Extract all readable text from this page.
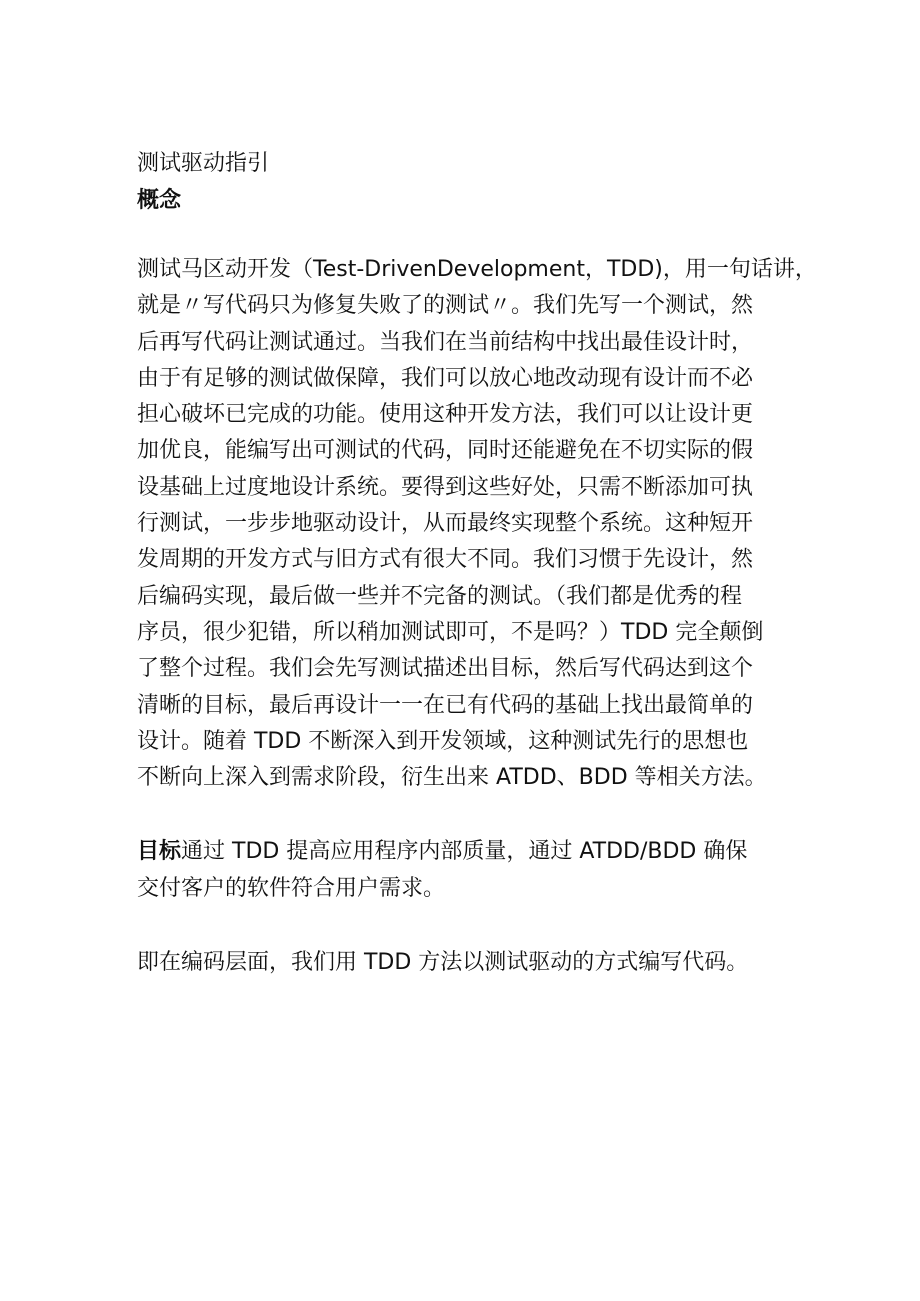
测试驱动指引

概念

测试马区动开发（Test-DrivenDevelopment，TDD)，用一句话讲，
就是〃写代码只为修复失败了的测试〃。我们先写一个测试，然
后再写代码让测试通过。当我们在当前结构中找出最佳设计时，
由于有足够的测试做保障，我们可以放心地改动现有设计而不必
担心破坏已完成的功能。使用这种开发方法，我们可以让设计更
加优良，能编写出可测试的代码，同时还能避免在不切实际的假
设基础上过度地设计系统。要得到这些好处，只需不断添加可执
行测试，一步步地驱动设计，从而最终实现整个系统。这种短开
发周期的开发方式与旧方式有很大不同。我们习惯于先设计，然
后编码实现，最后做一些并不完备的测试。（我们都是优秀的程
序员，很少犯错，所以稍加测试即可，不是吗？）TDD 完全颠倒
了整个过程。我们会先写测试描述出目标，然后写代码达到这个
清晰的目标，最后再设计一一在已有代码的基础上找出最简单的
设计。随着 TDD 不断深入到开发领域，这种测试先行的思想也
不断向上深入到需求阶段，衍生出来 ATDD、BDD 等相关方法。
目标通过 TDD 提高应用程序内部质量，通过 ATDD/BDD 确保
交付客户的软件符合用户需求。
即在编码层面，我们用 TDD 方法以测试驱动的方式编写代码。
